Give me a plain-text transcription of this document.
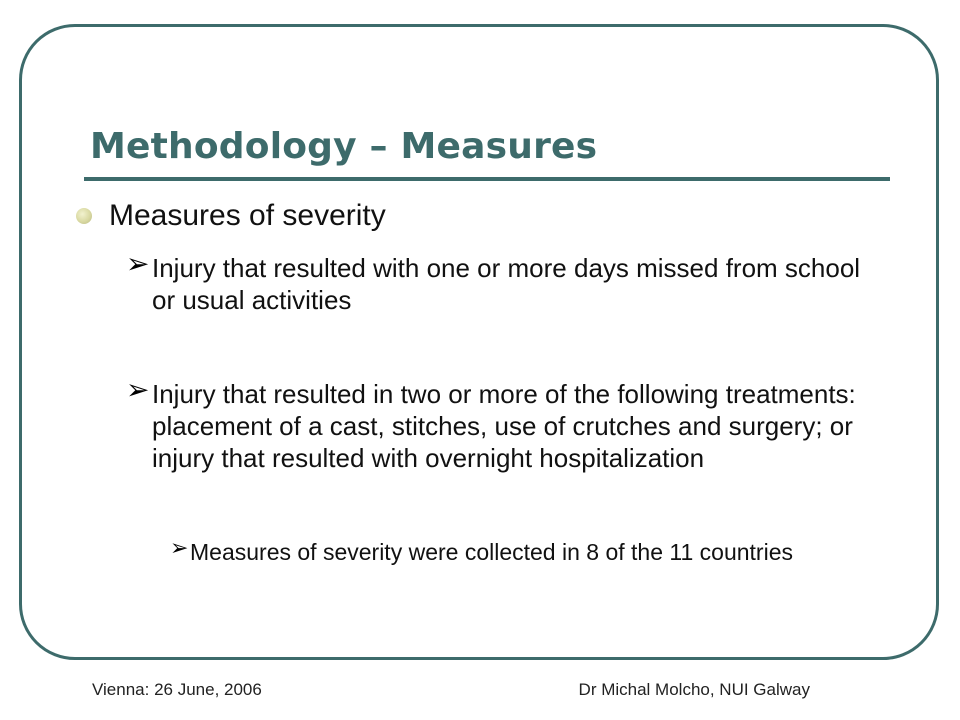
Methodology – Measures
Measures of severity
➢ Injury that resulted with one or more days missed from school or usual activities

➢ Injury that resulted in two or more of the following treatments: placement of a cast, stitches, use of crutches and surgery; or injury that resulted with overnight hospitalization

➢ Measures of severity were collected in 8 of the 11 countries

Vienna: 26 June, 2006	Dr Michal Molcho, NUI Galway
